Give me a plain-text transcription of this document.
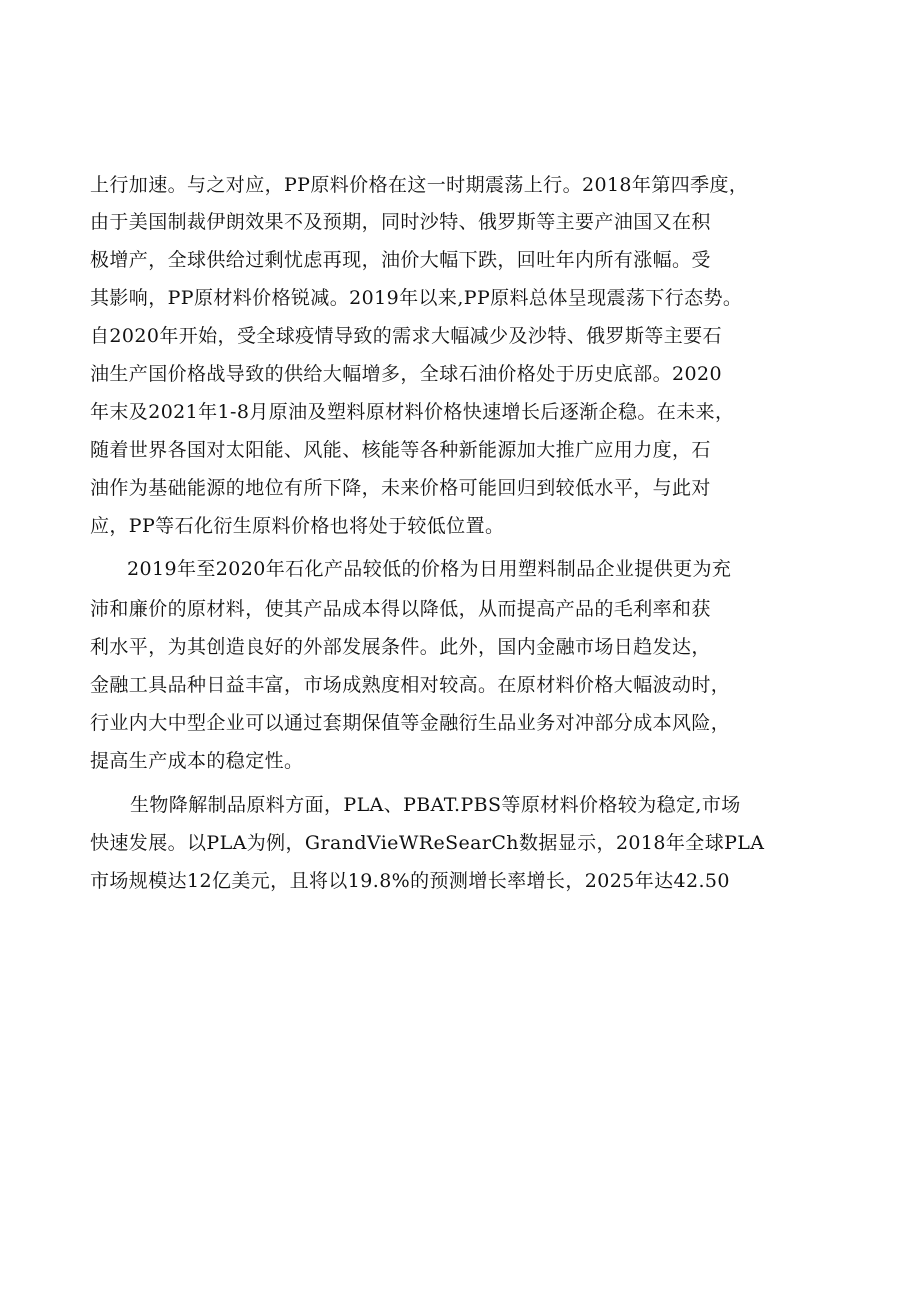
上行加速。与之对应，PP原料价格在这一时期震荡上行。2018年第四季度，
由于美国制裁伊朗效果不及预期，同时沙特、俄罗斯等主要产油国又在积
极增产，全球供给过剩忧虑再现，油价大幅下跌，回吐年内所有涨幅。受
其影响，PP原材料价格锐减。2019年以来,PP原料总体呈现震荡下行态势。
自2020年开始，受全球疫情导致的需求大幅减少及沙特、俄罗斯等主要石
油生产国价格战导致的供给大幅增多，全球石油价格处于历史底部。2020
年末及2021年1-8月原油及塑料原材料价格快速增长后逐渐企稳。在未来，
随着世界各国对太阳能、风能、核能等各种新能源加大推广应用力度，石
油作为基础能源的地位有所下降，未来价格可能回归到较低水平，与此对
应，PP等石化衍生原料价格也将处于较低位置。
2019年至2020年石化产品较低的价格为日用塑料制品企业提供更为充
沛和廉价的原材料，使其产品成本得以降低，从而提高产品的毛利率和获
利水平，为其创造良好的外部发展条件。此外，国内金融市场日趋发达，
金融工具品种日益丰富，市场成熟度相对较高。在原材料价格大幅波动时，
行业内大中型企业可以通过套期保值等金融衍生品业务对冲部分成本风险，
提高生产成本的稳定性。
生物降解制品原料方面，PLA、PBAT.PBS等原材料价格较为稳定,市场
快速发展。以PLA为例，GrandVieWReSearCh数据显示，2018年全球PLA
市场规模达12亿美元，且将以19.8%的预测增长率增长，2025年达42.50
